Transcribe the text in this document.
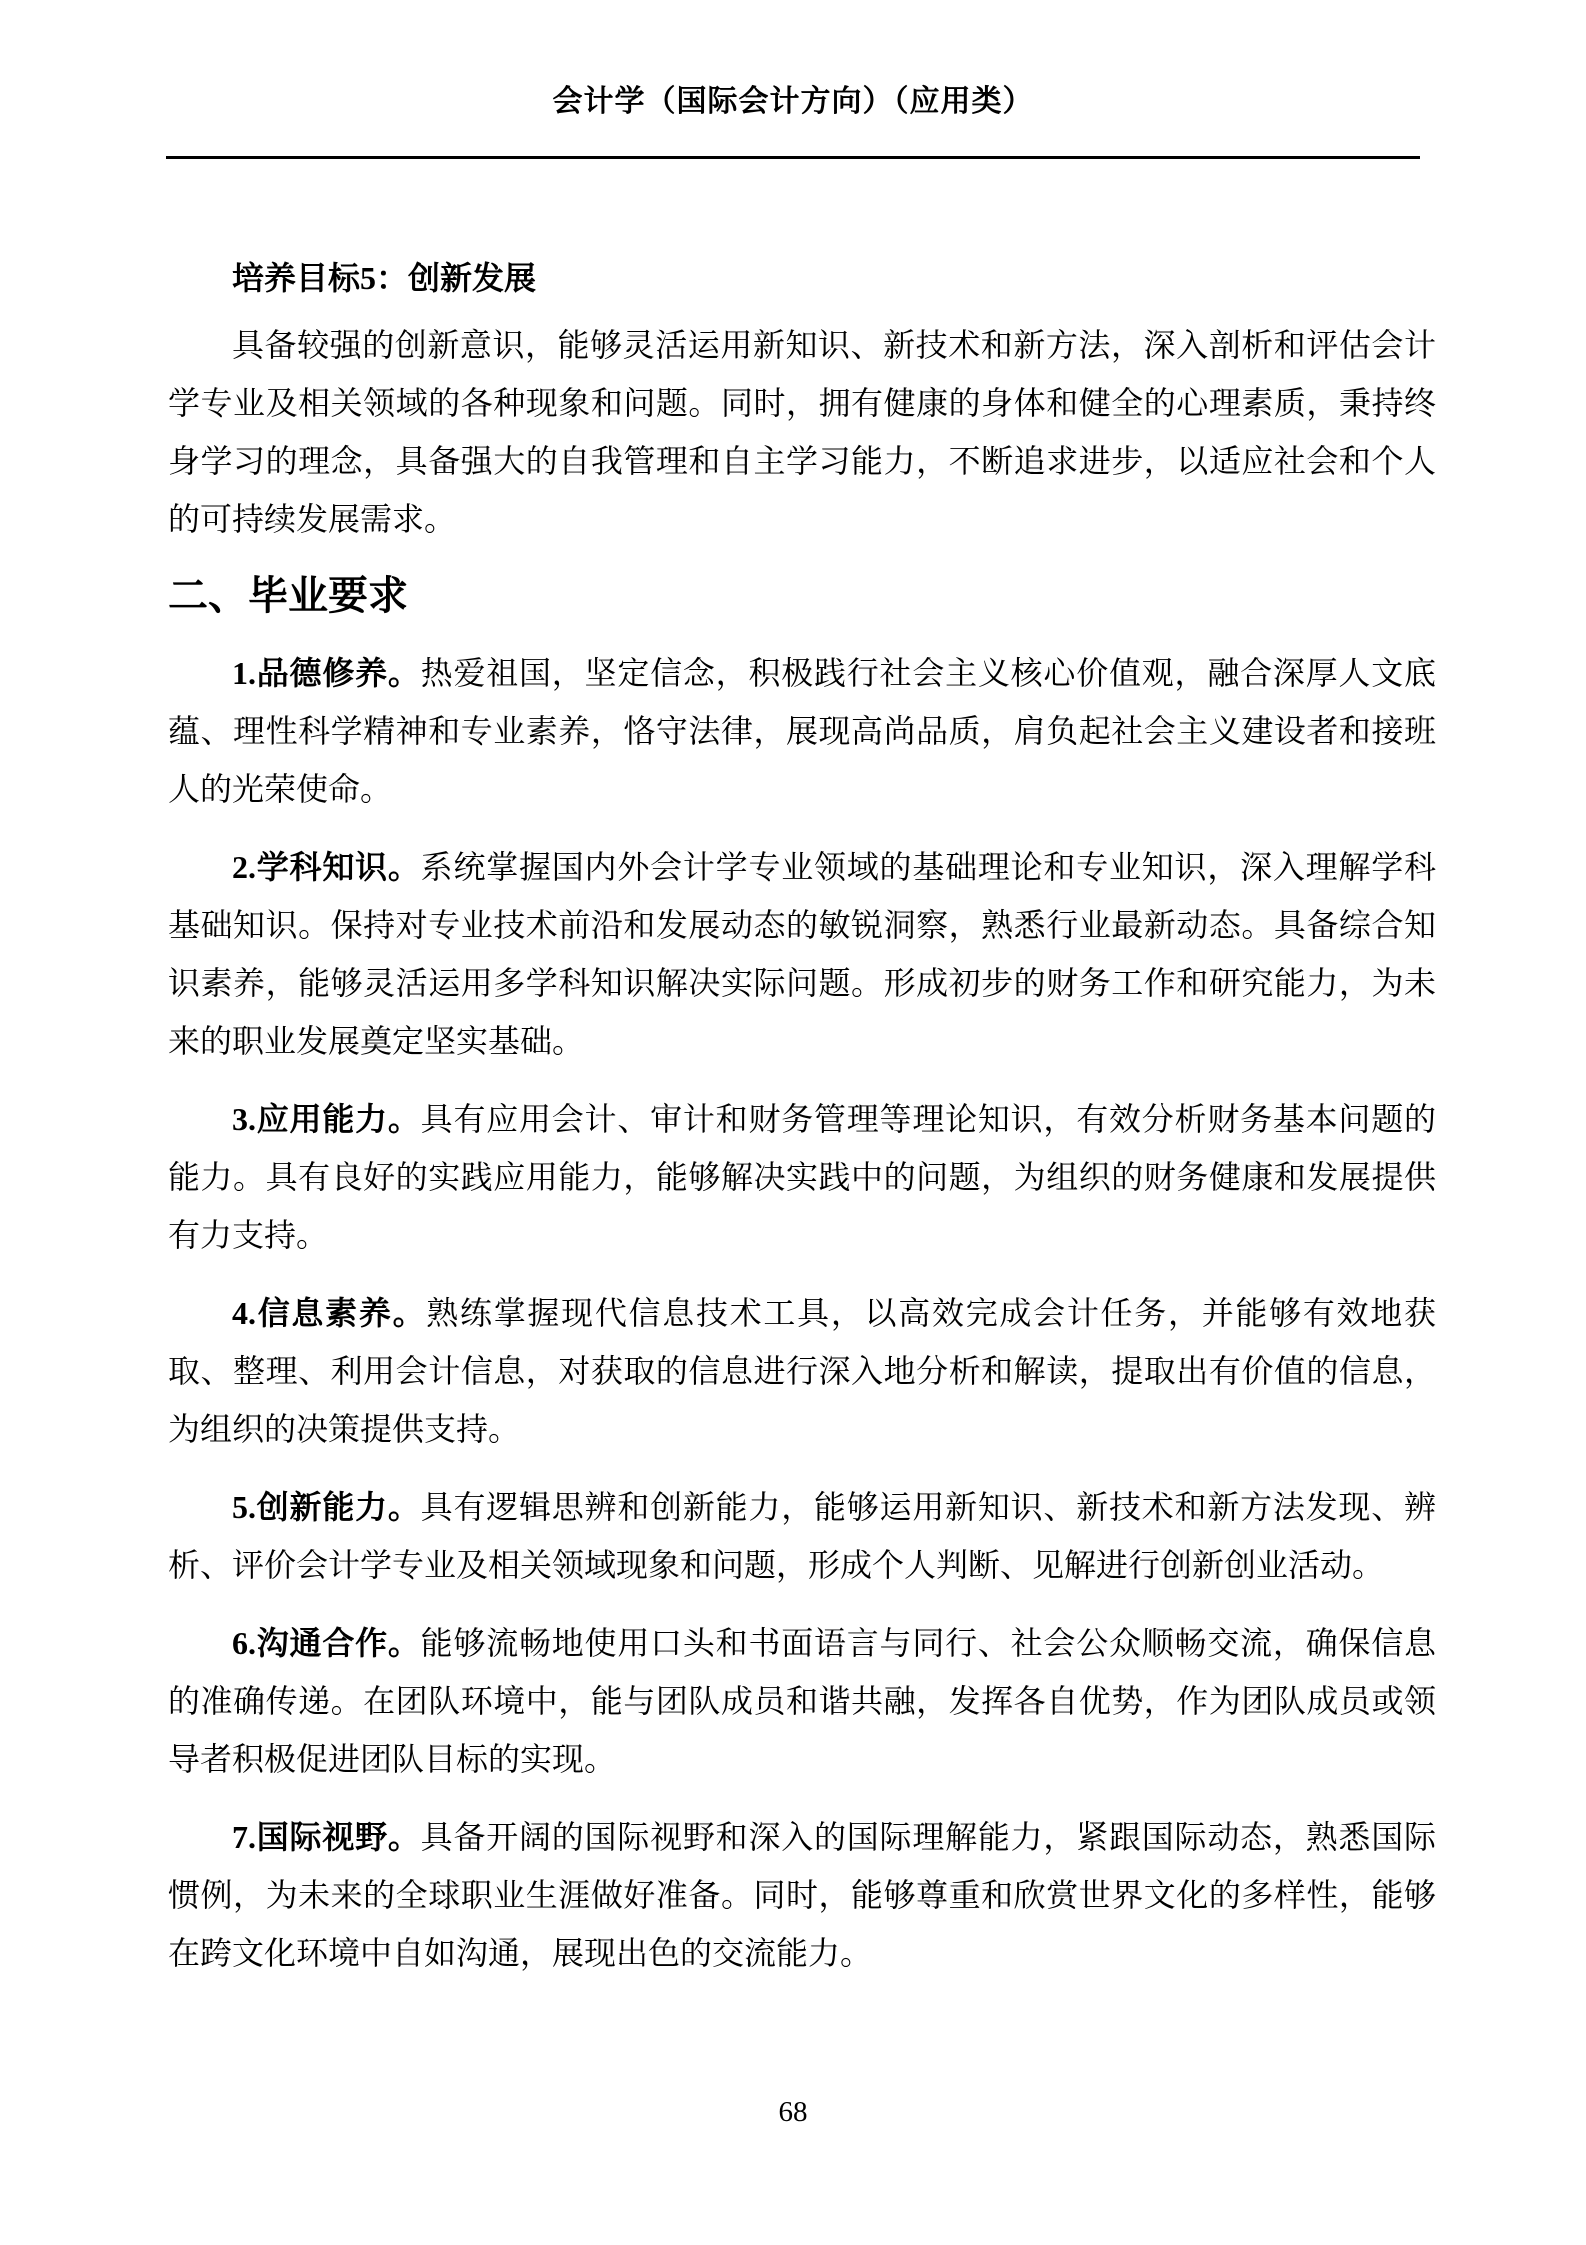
会计学（国际会计方向）（应用类）

培养目标5：创新发展

具备较强的创新意识，能够灵活运用新知识、新技术和新方法，深入剖析和评估会计学专业及相关领域的各种现象和问题。同时，拥有健康的身体和健全的心理素质，秉持终身学习的理念，具备强大的自我管理和自主学习能力，不断追求进步，以适应社会和个人的可持续发展需求。

二、毕业要求

1.品德修养。热爱祖国，坚定信念，积极践行社会主义核心价值观，融合深厚人文底蕴、理性科学精神和专业素养，恪守法律，展现高尚品质，肩负起社会主义建设者和接班人的光荣使命。

2.学科知识。系统掌握国内外会计学专业领域的基础理论和专业知识，深入理解学科基础知识。保持对专业技术前沿和发展动态的敏锐洞察，熟悉行业最新动态。具备综合知识素养，能够灵活运用多学科知识解决实际问题。形成初步的财务工作和研究能力，为未来的职业发展奠定坚实基础。

3.应用能力。具有应用会计、审计和财务管理等理论知识，有效分析财务基本问题的能力。具有良好的实践应用能力，能够解决实践中的问题，为组织的财务健康和发展提供有力支持。

4.信息素养。熟练掌握现代信息技术工具，以高效完成会计任务，并能够有效地获取、整理、利用会计信息，对获取的信息进行深入地分析和解读，提取出有价值的信息，为组织的决策提供支持。

5.创新能力。具有逻辑思辨和创新能力，能够运用新知识、新技术和新方法发现、辨析、评价会计学专业及相关领域现象和问题，形成个人判断、见解进行创新创业活动。

6.沟通合作。能够流畅地使用口头和书面语言与同行、社会公众顺畅交流，确保信息的准确传递。在团队环境中，能与团队成员和谐共融，发挥各自优势，作为团队成员或领导者积极促进团队目标的实现。

7.国际视野。具备开阔的国际视野和深入的国际理解能力，紧跟国际动态，熟悉国际惯例，为未来的全球职业生涯做好准备。同时，能够尊重和欣赏世界文化的多样性，能够在跨文化环境中自如沟通，展现出色的交流能力。

68
